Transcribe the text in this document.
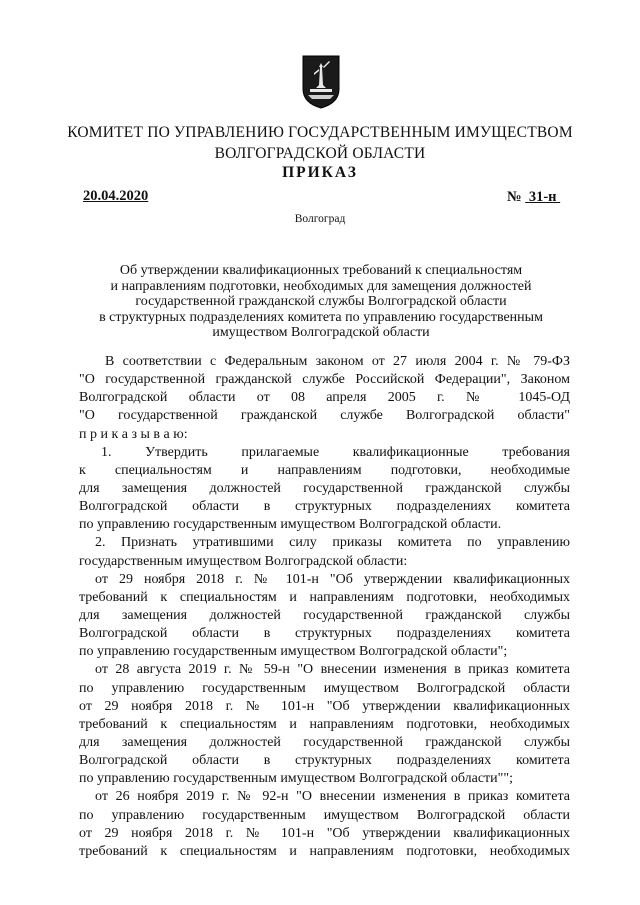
КОМИТЕТ ПО УПРАВЛЕНИЮ ГОСУДАРСТВЕННЫМ ИМУЩЕСТВОМ
ВОЛГОГРАДСКОЙ ОБЛАСТИ
ПРИКАЗ
20.04.2020	№ 31-н
Волгоград
Об утверждении квалификационных требований к специальностям
и направлениям подготовки, необходимых для замещения должностей
государственной гражданской службы Волгоградской области
в структурных подразделениях комитета по управлению государственным
имуществом Волгоградской области
В соответствии с Федеральным законом от 27 июля 2004 г. № 79-ФЗ
"О государственной гражданской службе Российской Федерации", Законом
Волгоградской области от 08 апреля 2005 г. № 1045-ОД
"О государственной гражданской службе Волгоградской области"
п р и к а з ы в а ю:
1. Утвердить прилагаемые квалификационные требования
к специальностям и направлениям подготовки, необходимые
для замещения должностей государственной гражданской службы
Волгоградской области в структурных подразделениях комитета
по управлению государственным имуществом Волгоградской области.
2. Признать утратившими силу приказы комитета по управлению
государственным имуществом Волгоградской области:
от 29 ноября 2018 г. № 101-н "Об утверждении квалификационных
требований к специальностям и направлениям подготовки, необходимых
для замещения должностей государственной гражданской службы
Волгоградской области в структурных подразделениях комитета
по управлению государственным имуществом Волгоградской области";
от 28 августа 2019 г. № 59-н "О внесении изменения в приказ комитета
по управлению государственным имуществом Волгоградской области
от 29 ноября 2018 г. № 101-н "Об утверждении квалификационных
требований к специальностям и направлениям подготовки, необходимых
для замещения должностей государственной гражданской службы
Волгоградской области в структурных подразделениях комитета
по управлению государственным имуществом Волгоградской области"";
от 26 ноября 2019 г. № 92-н "О внесении изменения в приказ комитета
по управлению государственным имуществом Волгоградской области
от 29 ноября 2018 г. № 101-н "Об утверждении квалификационных
требований к специальностям и направлениям подготовки, необходимых
